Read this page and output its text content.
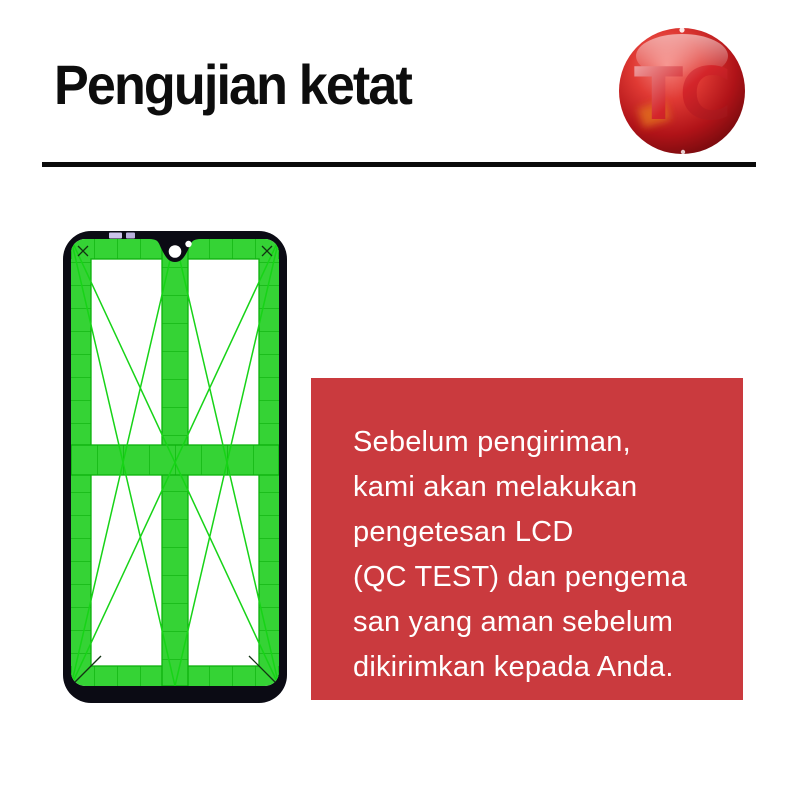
Pengujian ketat	TC
Sebelum pengiriman,
kami akan melakukan
pengetesan LCD
(QC TEST) dan pengema
san yang aman sebelum
dikirimkan kepada Anda.
